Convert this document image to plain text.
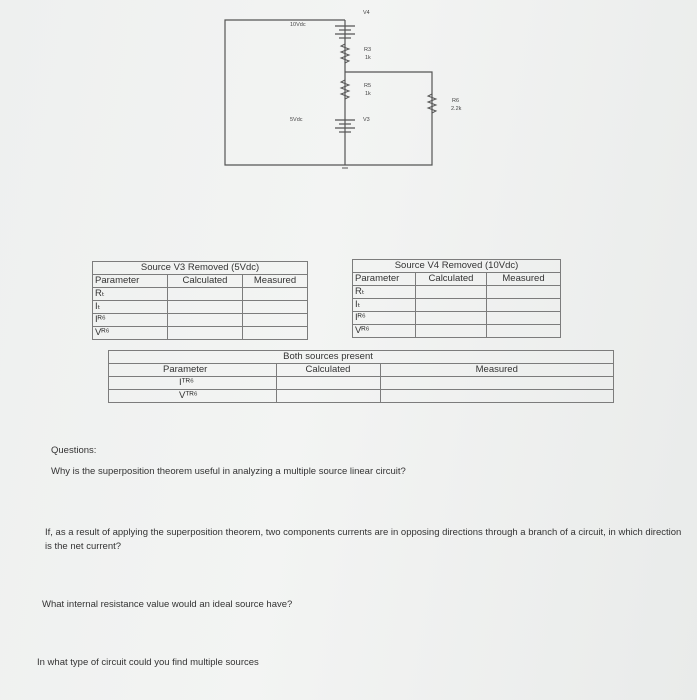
10Vdc
5Vdc
V4
R3
1k
R5
1k
R6
2.2k
V3
Source V3 Removed (5Vdc)		
Parameter	Calculated	Measured
Rₜ		
Iₜ		
Iᴿ⁶		
Vᴿ⁶		
Source V4 Removed (10Vdc)		
Parameter	Calculated	Measured
Rₜ		
Iₜ		
Iᴿ⁶		
Vᴿ⁶		
	Both sources present	
Parameter	Calculated	Measured
Iᵀᴿ⁶		
Vᵀᴿ⁶		
Questions:
Why is the superposition theorem useful in analyzing a multiple source linear circuit?
If, as a result of applying the superposition theorem, two components currents are in opposing directions through a branch of a circuit, in which direction is the net current?
What internal resistance value would an ideal source have?
In what type of circuit could you find multiple sources
